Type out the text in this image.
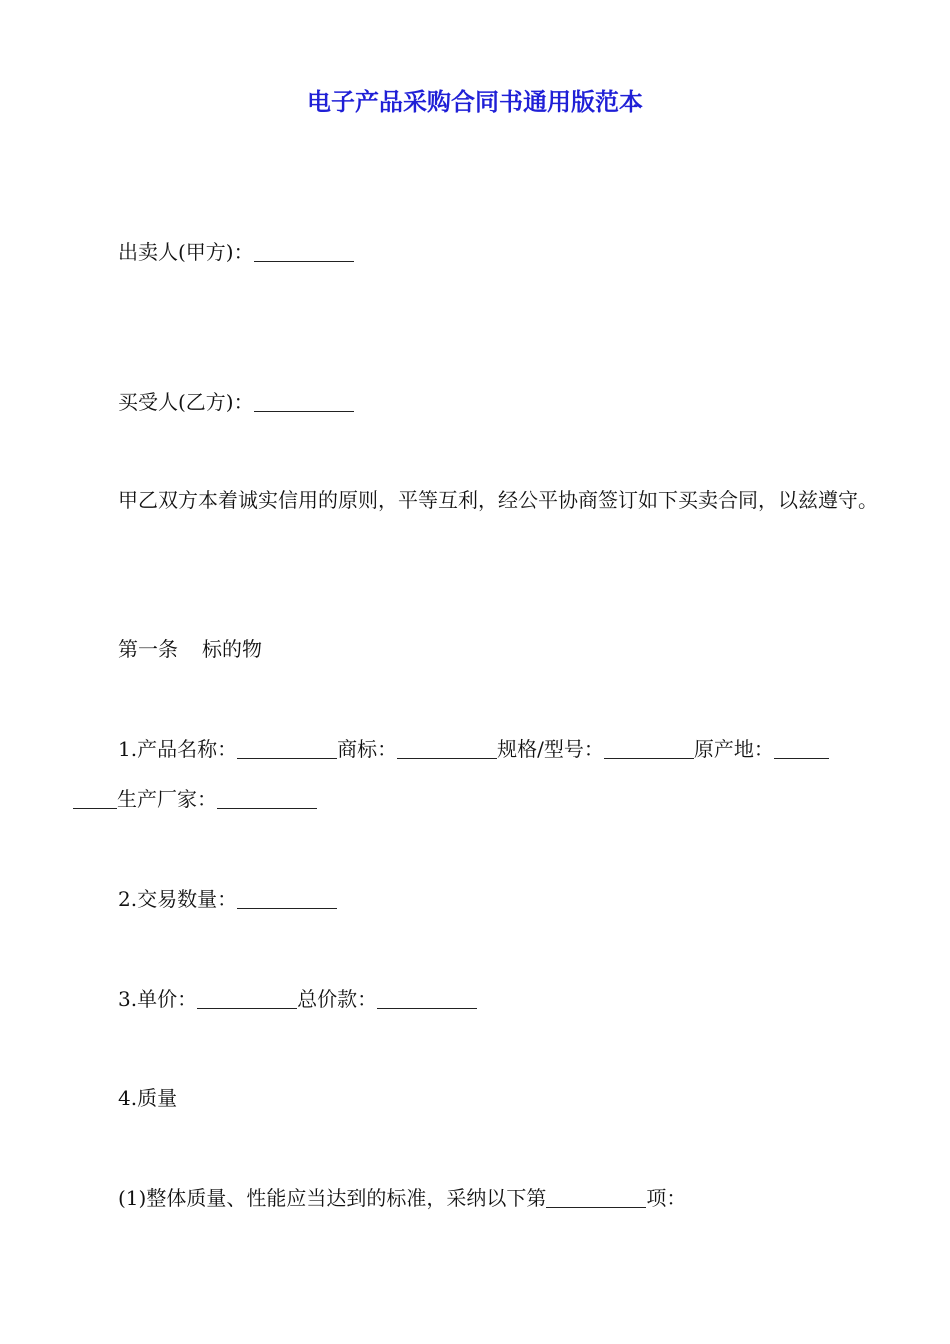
电子产品采购合同书通用版范本
出卖人(甲方)：
买受人(乙方)：
甲乙双方本着诚实信用的原则，平等互利，经公平协商签订如下买卖合同，以兹遵守。
第一条 标的物
1.产品名称：	商标：	规格/型号：	原产地：
生产厂家：
2.交易数量：
3.单价：	总价款：
4.质量
(1)整体质量、性能应当达到的标准，采纳以下第	项：
